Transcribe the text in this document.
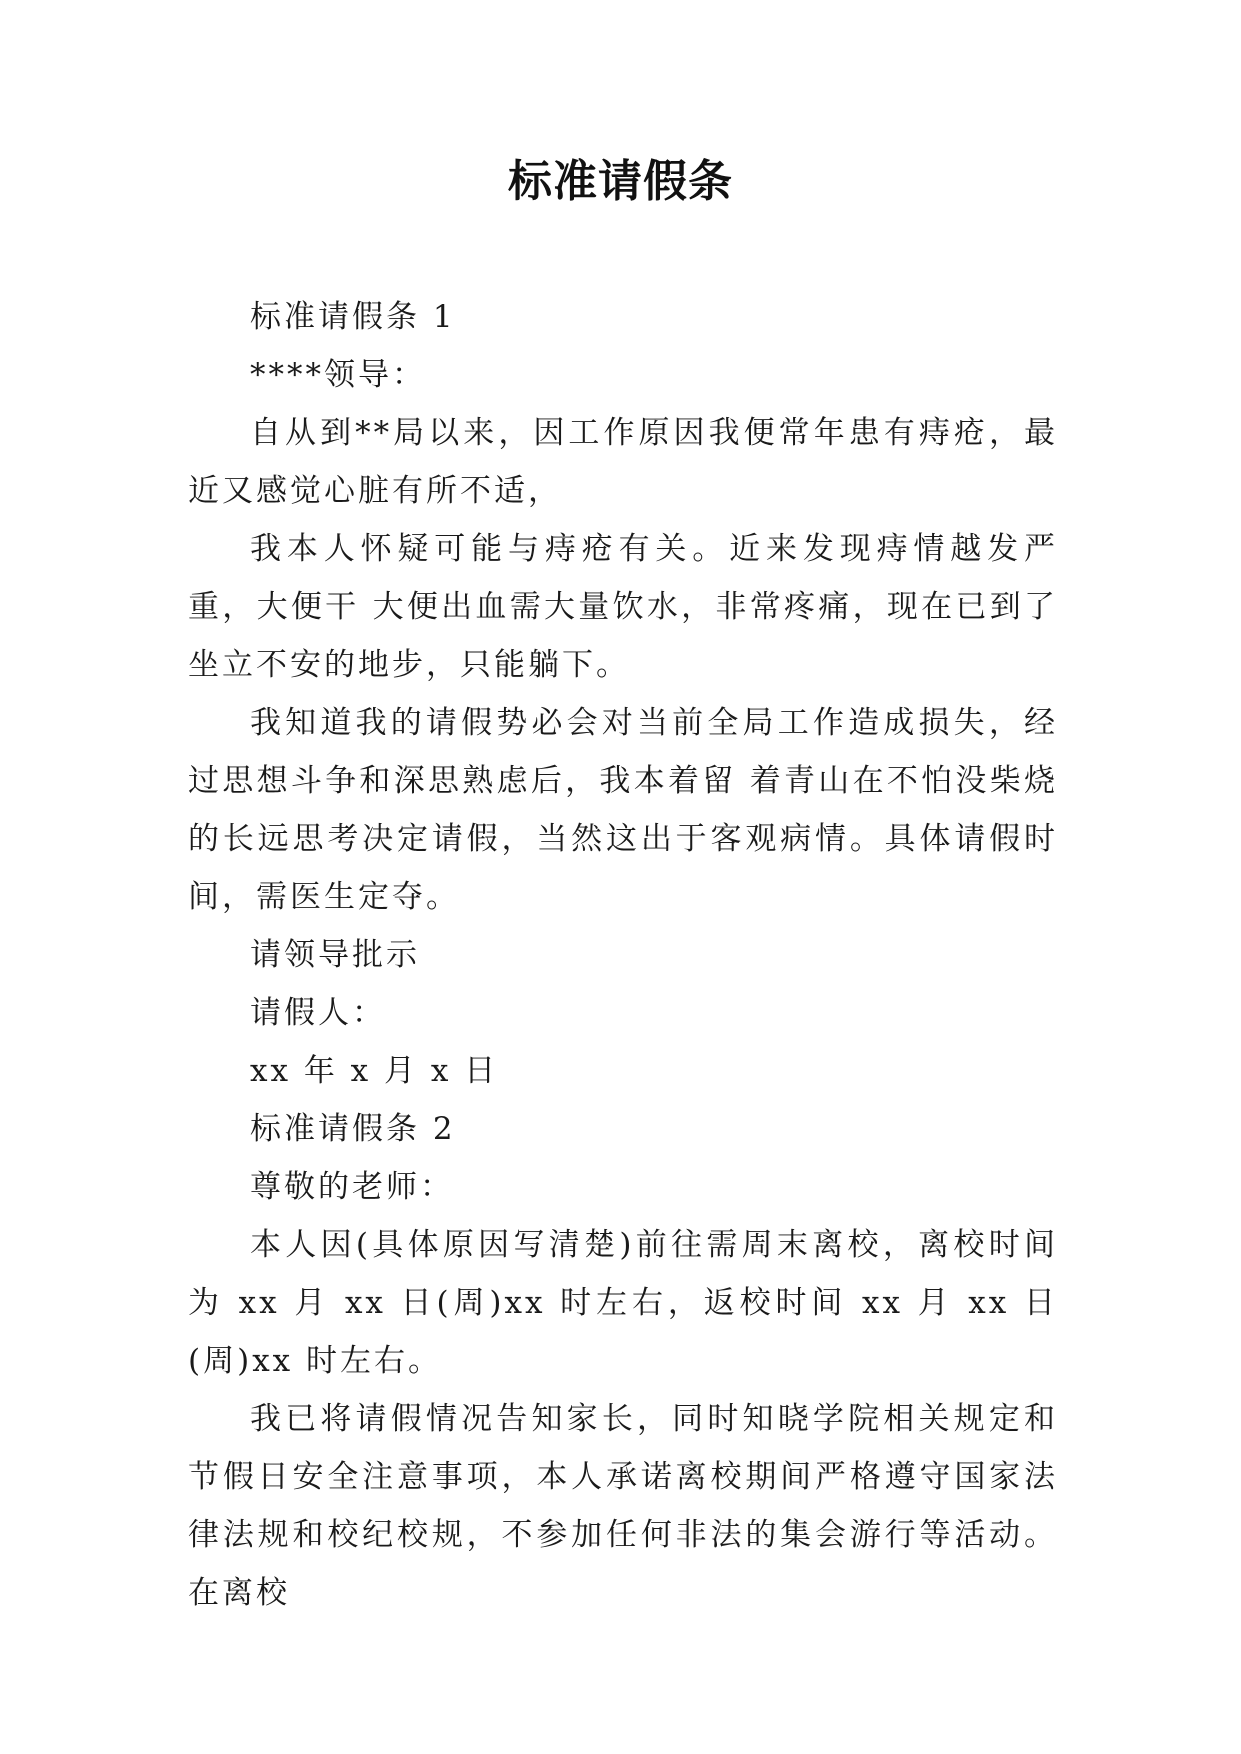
标准请假条

标准请假条 1

****领导：

自从到**局以来，因工作原因我便常年患有痔疮，最近又感觉心脏有所不适，

我本人怀疑可能与痔疮有关。近来发现痔情越发严重，大便干 大便出血需大量饮水，非常疼痛，现在已到了坐立不安的地步，只能躺下。

我知道我的请假势必会对当前全局工作造成损失，经过思想斗争和深思熟虑后，我本着留 着青山在不怕没柴烧的长远思考决定请假，当然这出于客观病情。具体请假时间，需医生定夺。

请领导批示

请假人：

xx 年 x 月 x 日

标准请假条 2

尊敬的老师：

本人因(具体原因写清楚)前往需周末离校，离校时间为 xx 月 xx 日(周)xx 时左右，返校时间 xx 月 xx 日(周)xx 时左右。

我已将请假情况告知家长，同时知晓学院相关规定和节假日安全注意事项，本人承诺离校期间严格遵守国家法律法规和校纪校规，不参加任何非法的集会游行等活动。在离校
